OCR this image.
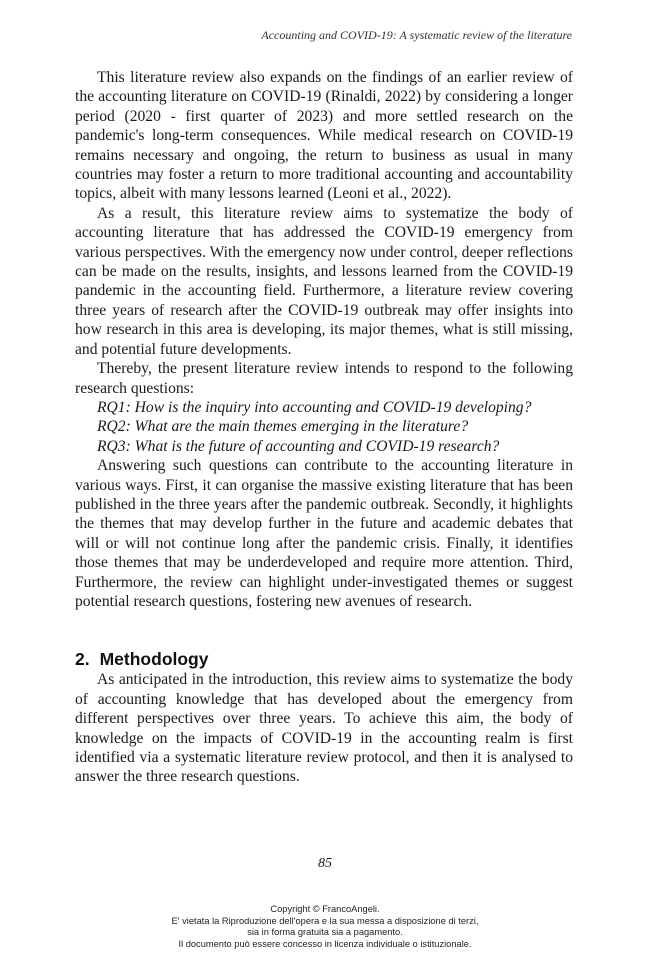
Accounting and COVID-19: A systematic review of the literature

This literature review also expands on the findings of an earlier review of the accounting literature on COVID-19 (Rinaldi, 2022) by considering a longer period (2020 - first quarter of 2023) and more settled research on the pandemic's long-term consequences. While medical research on COVID-19 remains necessary and ongoing, the return to business as usual in many countries may foster a return to more traditional accounting and accountability topics, albeit with many lessons learned (Leoni et al., 2022).

As a result, this literature review aims to systematize the body of accounting literature that has addressed the COVID-19 emergency from various perspectives. With the emergency now under control, deeper reflections can be made on the results, insights, and lessons learned from the COVID-19 pandemic in the accounting field. Furthermore, a literature review covering three years of research after the COVID-19 outbreak may offer insights into how research in this area is developing, its major themes, what is still missing, and potential future developments.

Thereby, the present literature review intends to respond to the following research questions:

RQ1: How is the inquiry into accounting and COVID-19 developing?

RQ2: What are the main themes emerging in the literature?

RQ3: What is the future of accounting and COVID-19 research?

Answering such questions can contribute to the accounting literature in various ways. First, it can organise the massive existing literature that has been published in the three years after the pandemic outbreak. Secondly, it highlights the themes that may develop further in the future and academic debates that will or will not continue long after the pandemic crisis. Finally, it identifies those themes that may be underdeveloped and require more attention. Third, Furthermore, the review can highlight under-investigated themes or suggest potential research questions, fostering new avenues of research.

2. Methodology

As anticipated in the introduction, this review aims to systematize the body of accounting knowledge that has developed about the emergency from different perspectives over three years. To achieve this aim, the body of knowledge on the impacts of COVID-19 in the accounting realm is first identified via a systematic literature review protocol, and then it is analysed to answer the three research questions.

85
Copyright © FrancoAngeli.
E' vietata la Riproduzione dell'opera e la sua messa a disposizione di terzi,
sia in forma gratuita sia a pagamento.
Il documento può essere concesso in licenza individuale o istituzionale.
